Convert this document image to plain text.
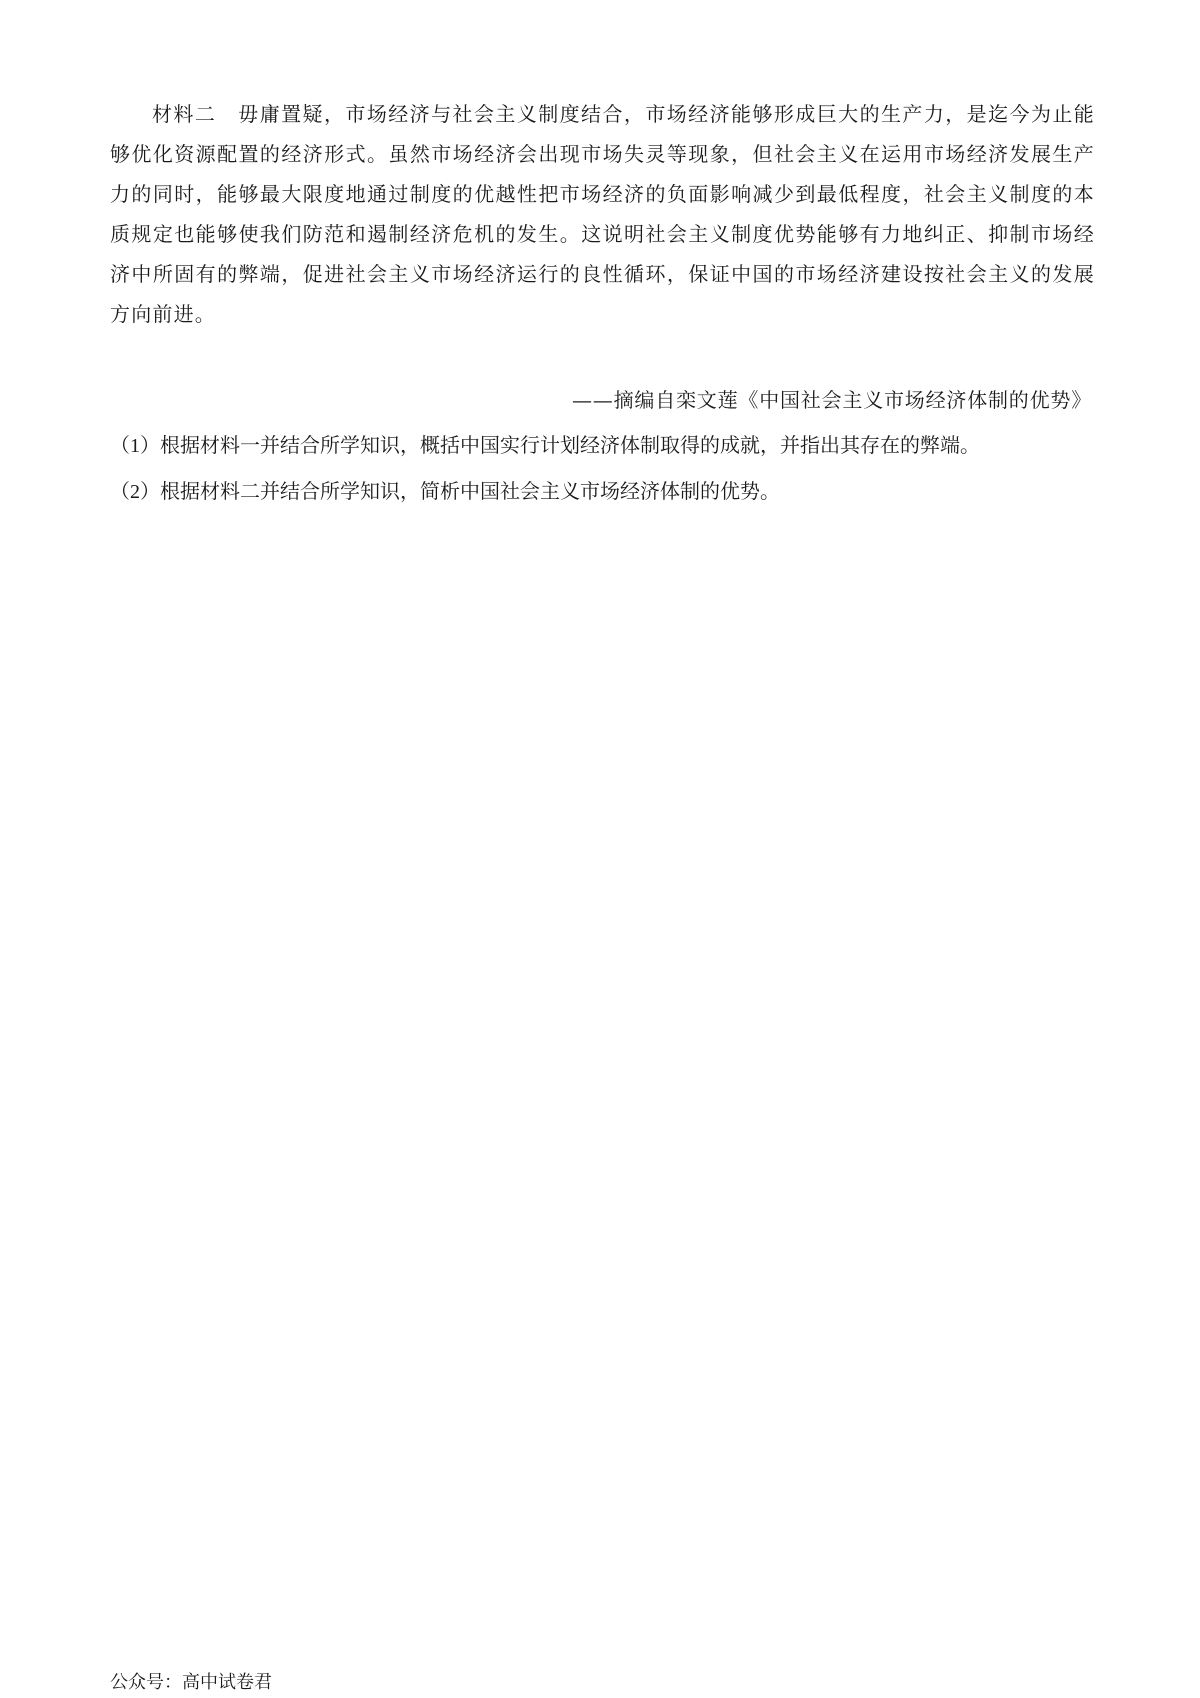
材料二 毋庸置疑，市场经济与社会主义制度结合，市场经济能够形成巨大的生产力，是迄今为止能够优化资源配置的经济形式。虽然市场经济会出现市场失灵等现象，但社会主义在运用市场经济发展生产力的同时，能够最大限度地通过制度的优越性把市场经济的负面影响减少到最低程度，社会主义制度的本质规定也能够使我们防范和遏制经济危机的发生。这说明社会主义制度优势能够有力地纠正、抑制市场经济中所固有的弊端，促进社会主义市场经济运行的良性循环，保证中国的市场经济建设按社会主义的发展方向前进。

——摘编自栾文莲《中国社会主义市场经济体制的优势》

（1）根据材料一并结合所学知识，概括中国实行计划经济体制取得的成就，并指出其存在的弊端。

（2）根据材料二并结合所学知识，简析中国社会主义市场经济体制的优势。

公众号：高中试卷君
